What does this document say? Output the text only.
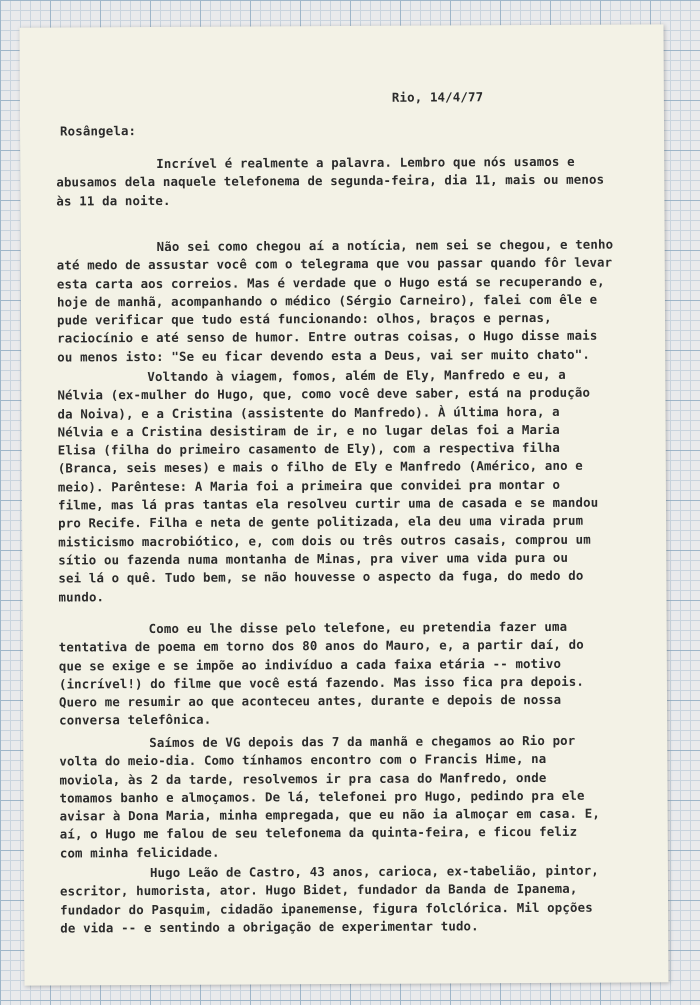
Rio, 14/4/77
Rosângela:

Incrível é realmente a palavra. Lembro que nós usamos e
abusamos dela naquele telefonema de segunda-feira, dia 11, mais ou menos
às 11 da noite.

Não sei como chegou aí a notícia, nem sei se chegou, e tenho
até medo de assustar você com o telegrama que vou passar quando fôr levar
esta carta aos correios. Mas é verdade que o Hugo está se recuperando e,
hoje de manhã, acompanhando o médico (Sérgio Carneiro), falei com êle e
pude verificar que tudo está funcionando: olhos, braços e pernas,
raciocínio e até senso de humor. Entre outras coisas, o Hugo disse mais
ou menos isto: "Se eu ficar devendo esta a Deus, vai ser muito chato".

Voltando à viagem, fomos, além de Ely, Manfredo e eu, a
Nélvia (ex-mulher do Hugo, que, como você deve saber, está na produção
da Noiva), e a Cristina (assistente do Manfredo). À última hora, a
Nélvia e a Cristina desistiram de ir, e no lugar delas foi a Maria
Elisa (filha do primeiro casamento de Ely), com a respectiva filha
(Branca, seis meses) e mais o filho de Ely e Manfredo (Américo, ano e
meio). Parêntese: A Maria foi a primeira que convidei pra montar o
filme, mas lá pras tantas ela resolveu curtir uma de casada e se mandou
pro Recife. Filha e neta de gente politizada, ela deu uma virada prum
misticismo macrobiótico, e, com dois ou três outros casais, comprou um
sítio ou fazenda numa montanha de Minas, pra viver uma vida pura ou
sei lá o quê. Tudo bem, se não houvesse o aspecto da fuga, do medo do
mundo.

Como eu lhe disse pelo telefone, eu pretendia fazer uma
tentativa de poema em torno dos 80 anos do Mauro, e, a partir daí, do
que se exige e se impõe ao indivíduo a cada faixa etária -- motivo
(incrível!) do filme que você está fazendo. Mas isso fica pra depois.
Quero me resumir ao que aconteceu antes, durante e depois de nossa
conversa telefônica.

Saímos de VG depois das 7 da manhã e chegamos ao Rio por
volta do meio-dia. Como tínhamos encontro com o Francis Hime, na
moviola, às 2 da tarde, resolvemos ir pra casa do Manfredo, onde
tomamos banho e almoçamos. De lá, telefonei pro Hugo, pedindo pra ele
avisar à Dona Maria, minha empregada, que eu não ia almoçar em casa. E,
aí, o Hugo me falou de seu telefonema da quinta-feira, e ficou feliz
com minha felicidade.

Hugo Leão de Castro, 43 anos, carioca, ex-tabelião, pintor,
escritor, humorista, ator. Hugo Bidet, fundador da Banda de Ipanema,
fundador do Pasquim, cidadão ipanemense, figura folclórica. Mil opções
de vida -- e sentindo a obrigação de experimentar tudo.
